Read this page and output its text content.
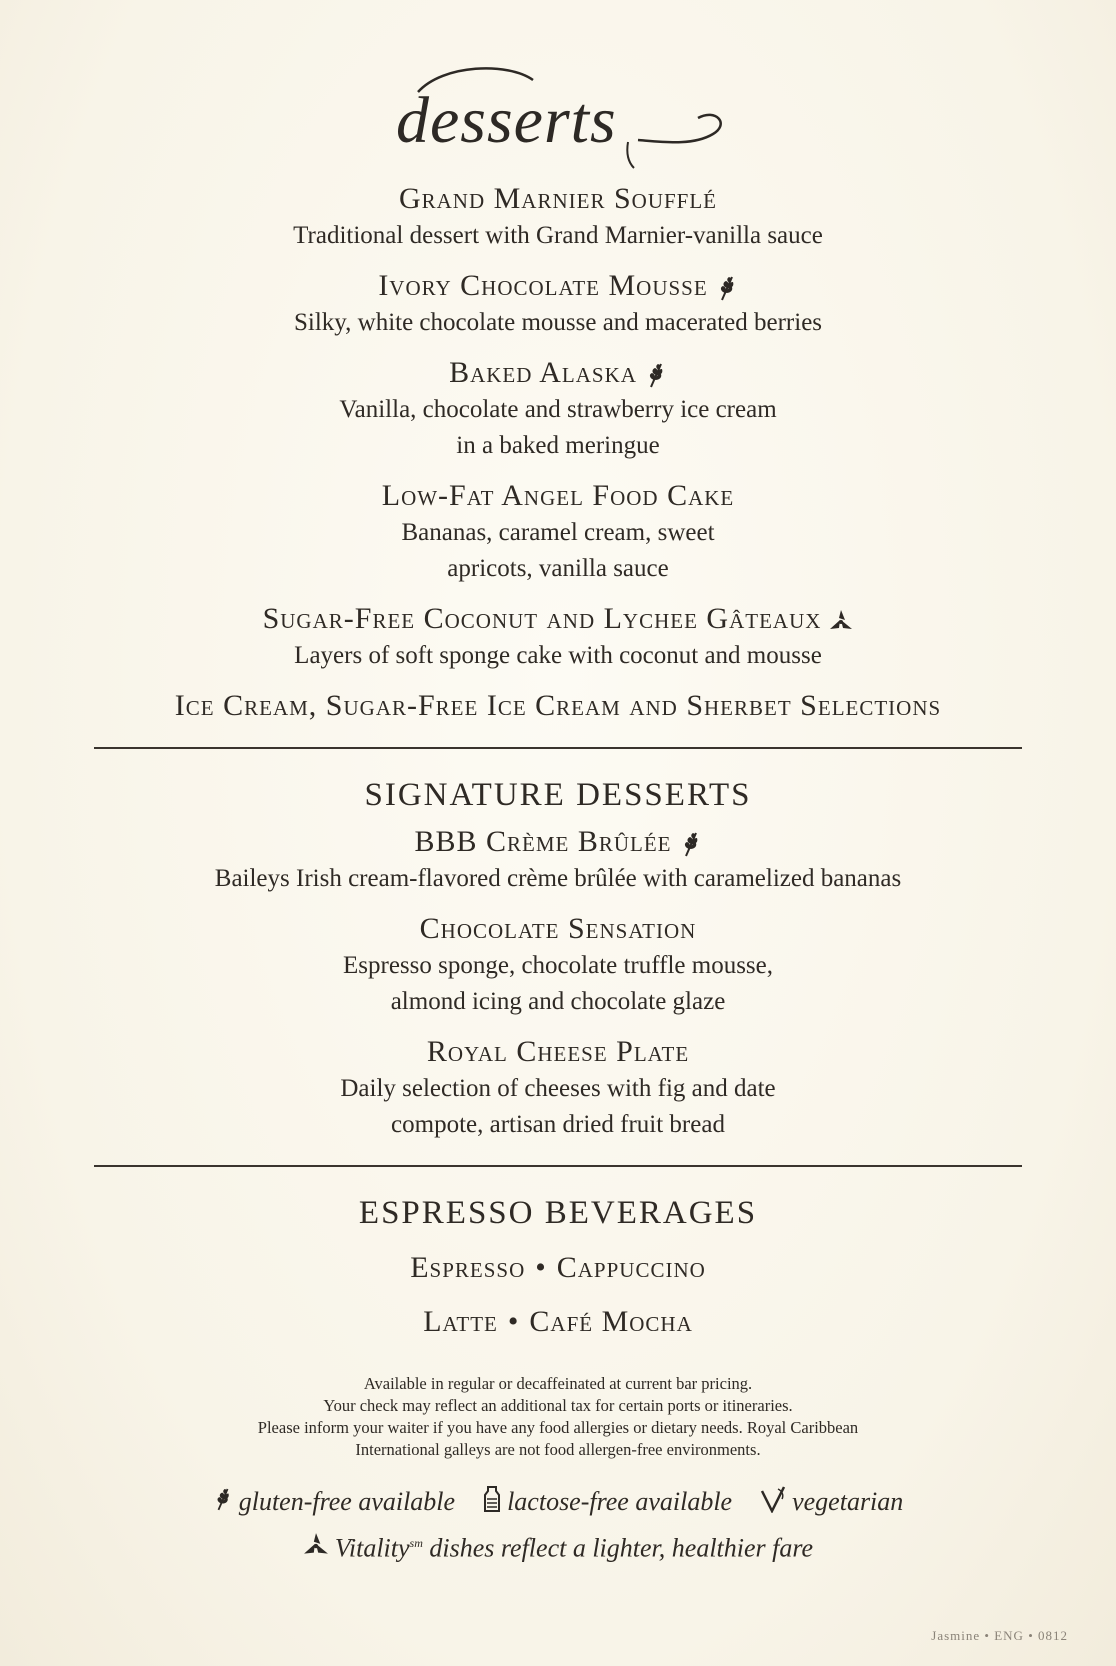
desserts
Grand Marnier Soufflé
Traditional dessert with Grand Marnier-vanilla sauce
Ivory Chocolate Mousse
Silky, white chocolate mousse and macerated berries
Baked Alaska
Vanilla, chocolate and strawberry ice cream
in a baked meringue
Low-Fat Angel Food Cake
Bananas, caramel cream, sweet
apricots, vanilla sauce
Sugar-Free Coconut and Lychee Gâteaux
Layers of soft sponge cake with coconut and mousse
Ice Cream, Sugar-Free Ice Cream and Sherbet Selections
SIGNATURE DESSERTS
BBB Crème Brûlée
Baileys Irish cream-flavored crème brûlée with caramelized bananas
Chocolate Sensation
Espresso sponge, chocolate truffle mousse,
almond icing and chocolate glaze
Royal Cheese Plate
Daily selection of cheeses with fig and date
compote, artisan dried fruit bread
ESPRESSO BEVERAGES
Espresso • Cappuccino
Latte • Café Mocha
Available in regular or decaffeinated at current bar pricing.
Your check may reflect an additional tax for certain ports or itineraries.
Please inform your waiter if you have any food allergies or dietary needs. Royal Caribbean
International galleys are not food allergen-free environments.
gluten-free available lactose-free available vegetarian
Vitality$^{sm}$ dishes reflect a lighter, healthier fare
Jasmine • ENG • 0812
